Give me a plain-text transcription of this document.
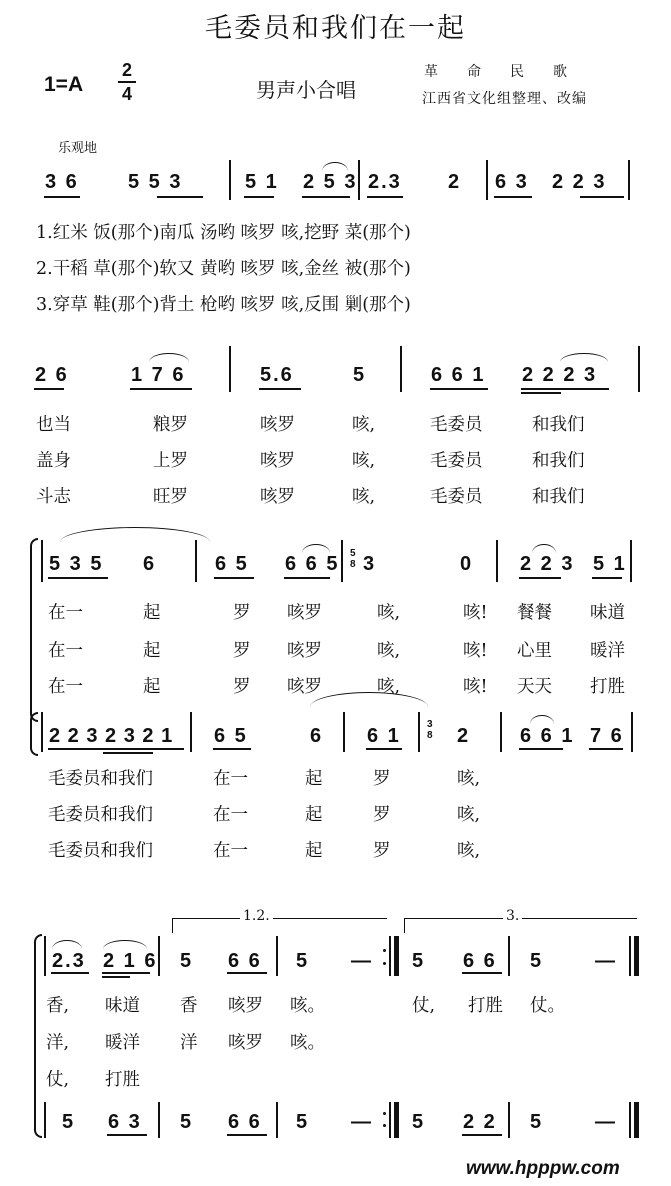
毛委员和我们在一起
1=A
2
4	男声小合唱
革命民歌
江西省文化组整理、改编
乐观地
3 6 5 5 3	5 1 2 5 3 2.3 2 6 3 2 2 3
1.红米 饭(那个)南瓜 汤哟 咳罗 咳,挖野 菜(那个)
2.干稻 草(那个)软又 黄哟 咳罗 咳,金丝 被(那个)
3.穿草 鞋(那个)背土 枪哟 咳罗 咳,反围 剿(那个)
2 6	1 7 6	5.6	5	6 6 1 2 2 2 3
也当	粮罗	咳罗	咳,	毛委员	和我们
盖身	上罗	咳罗	咳,	毛委员	和我们
斗志	旺罗	咳罗	咳,	毛委员	和我们
5 3 5 6	6 5 6 6 5 5
8 3	0 2 2 3 5 1
在一	起	罗 咳罗	咳,	咳! 餐餐 味道
在一	起	罗 咳罗	咳,	咳! 心里 暖洋
在一	起	罗 咳罗	咳,	咳! 天天 打胜
2 2 3 2 3 2 1 6 5	6 6 1
3
8 2 6 6 1 7 6
毛委员和我们	在一	起	罗	咳,
毛委员和我们	在一	起	罗	咳,
毛委员和我们	在一	起	罗	咳,
1.2.	3.
2.3 2 1 6 5 6 6 5 — 5 6 6 5	—
香, 味道 香 咳罗 咳。	仗, 打胜 仗。
洋, 暖洋 洋 咳罗 咳。
仗, 打胜
5 6 3 5 6 6 5 — 5 2 2 5	—
www.hpppw.com
